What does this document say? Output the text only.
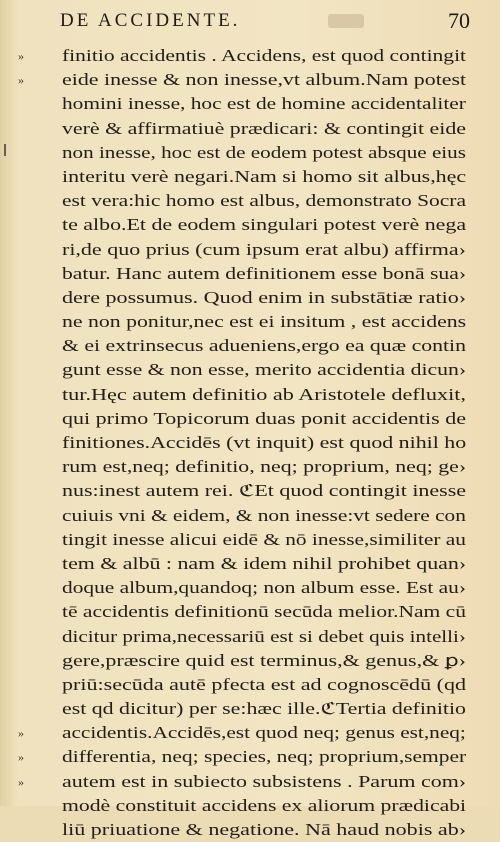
DE ACCIDENTE.	70
»	finitio accidentis . Accidens, est quod contingit
»	eide inesse & non inesse,vt album.Nam potest
homini inesse, hoc est de homine accidentaliter
verè & affirmatiuè prædicari: & contingit eide
non inesse, hoc est de eodem potest absque eius
interitu verè negari.Nam si homo sit albus,hęc
est vera:hic homo est albus, demonstrato Socra
te albo.Et de eodem singulari potest verè nega
ri,de quo prius (cum ipsum erat albu) affirma›
batur. Hanc autem definitionem esse bonā sua›
dere possumus. Quod enim in substātiæ ratio›
ne non ponitur,nec est ei insitum , est accidens
& ei extrinsecus adueniens,ergo ea quæ contin
gunt esse & non esse, merito accidentia dicun›
tur.Hęc autem definitio ab Aristotele defluxit,
qui primo Topicorum duas ponit accidentis de
finitiones.Accidēs (vt inquit) est quod nihil ho
rum est,neq; definitio, neq; proprium, neq; ge›
nus:inest autem rei. ℭEt quod contingit inesse
cuiuis vni & eidem, & non inesse:vt sedere con
tingit inesse alicui eidē & nō inesse,similiter au
tem & albū : nam & idem nihil prohibet quan›
doque album,quandoq; non album esse. Est au›
tē accidentis definitionū secūda melior.Nam cū
dicitur prima,necessariū est si debet quis intelli›
gere,præscire quid est terminus,& genus,& ꝑ›
priū:secūda autē pfecta est ad cognoscēdū (qd
est qd dicitur) per se:hæc ille.ℭTertia definitio
»	accidentis.Accidēs,est quod neq; genus est,neq;
»	differentia, neq; species, neq; proprium,semper
»	autem est in subiecto subsistens . Parum com›
modè constituit accidens ex aliorum prædicabi
liū priuatione & negatione. Nā haud nobis ab›
